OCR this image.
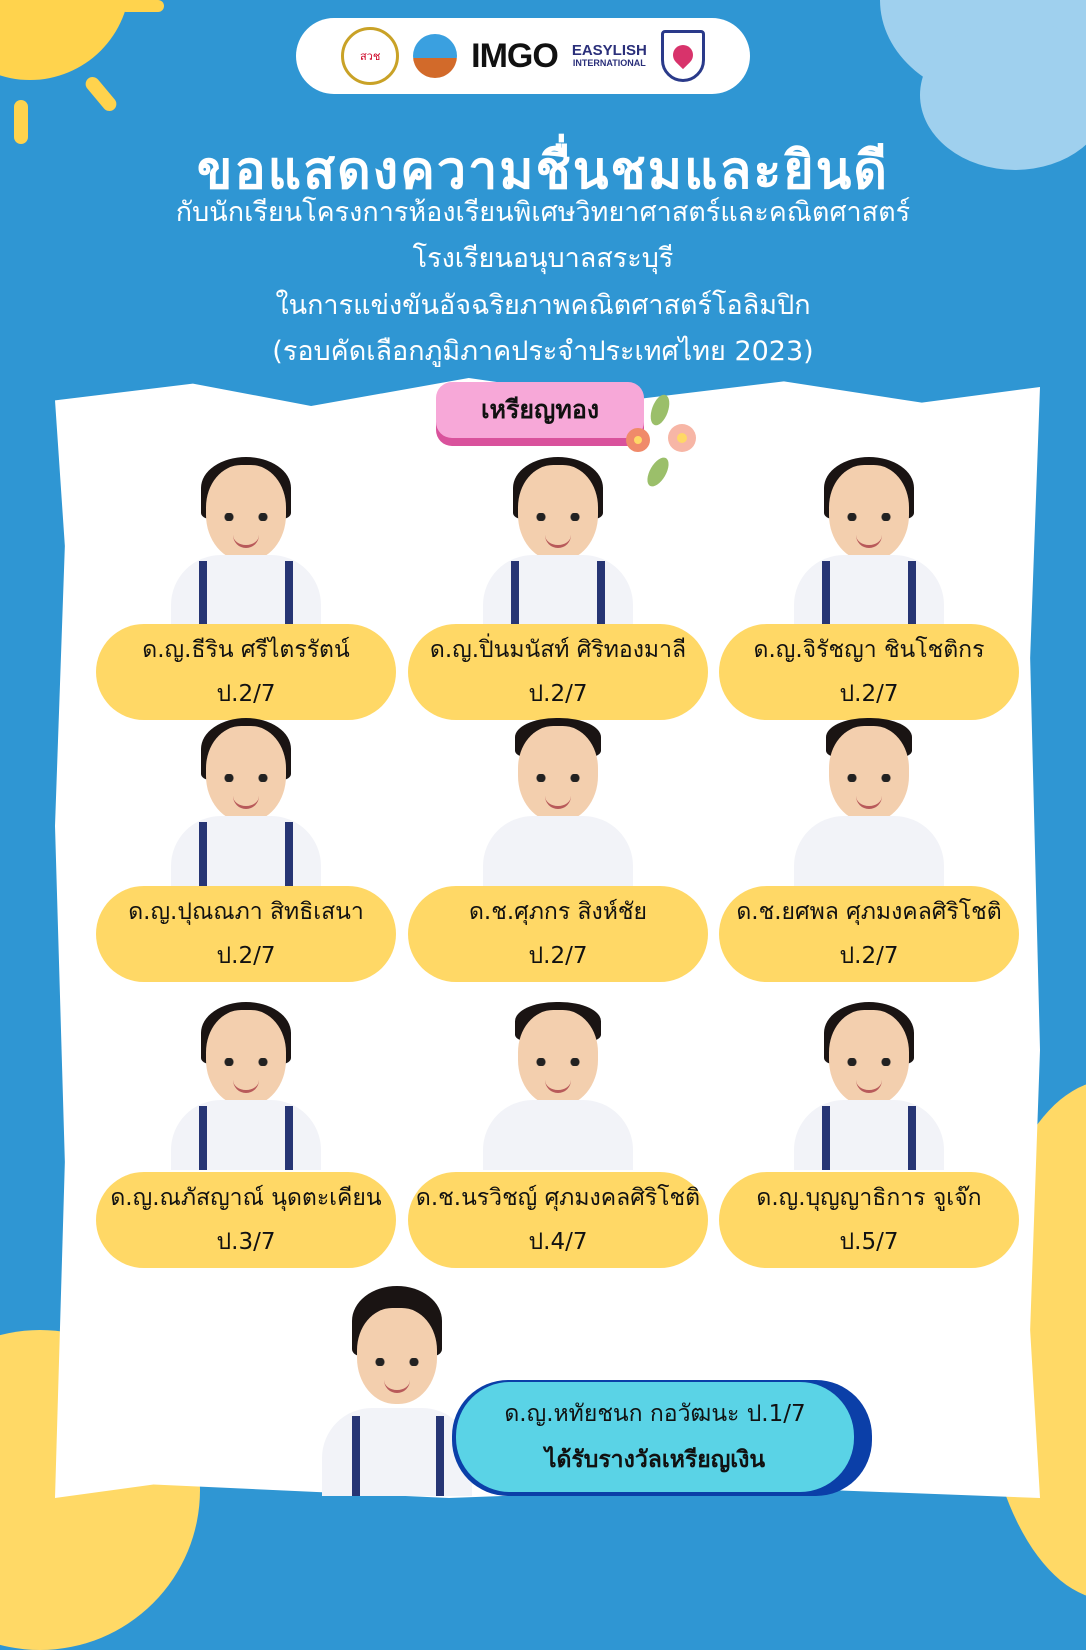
สวช	IMGO EASYLISH
INTERNATIONAL
ขอแสดงความชื่นชมและยินดี
กับนักเรียนโครงการห้องเรียนพิเศษวิทยาศาสตร์และคณิตศาสตร์
โรงเรียนอนุบาลสระบุรี
ในการแข่งขันอัจฉริยภาพคณิตศาสตร์โอลิมปิก
(รอบคัดเลือกภูมิภาคประจำประเทศไทย 2023)
เหรียญทอง
ด.ญ.ธีริน ศรีไตรรัตน์
ป.2/7
ด.ญ.ปิ่นมนัสท์ ศิริทองมาลี
ป.2/7
ด.ญ.จิรัชญา ชินโชติกร
ป.2/7
ด.ญ.ปุณณภา สิทธิเสนา
ป.2/7
ด.ช.ศุภกร สิงห์ชัย
ป.2/7
ด.ช.ยศพล ศุภมงคลศิริโชติ
ป.2/7
ด.ญ.ณภัสญาณ์ นุดตะเคียน
ป.3/7
ด.ช.นรวิชญ์ ศุภมงคลศิริโชติ
ป.4/7
ด.ญ.บุญญาธิการ จูเจ๊ก
ป.5/7
ด.ญ.หทัยชนก กอวัฒนะ ป.1/7
ได้รับรางวัลเหรียญเงิน
